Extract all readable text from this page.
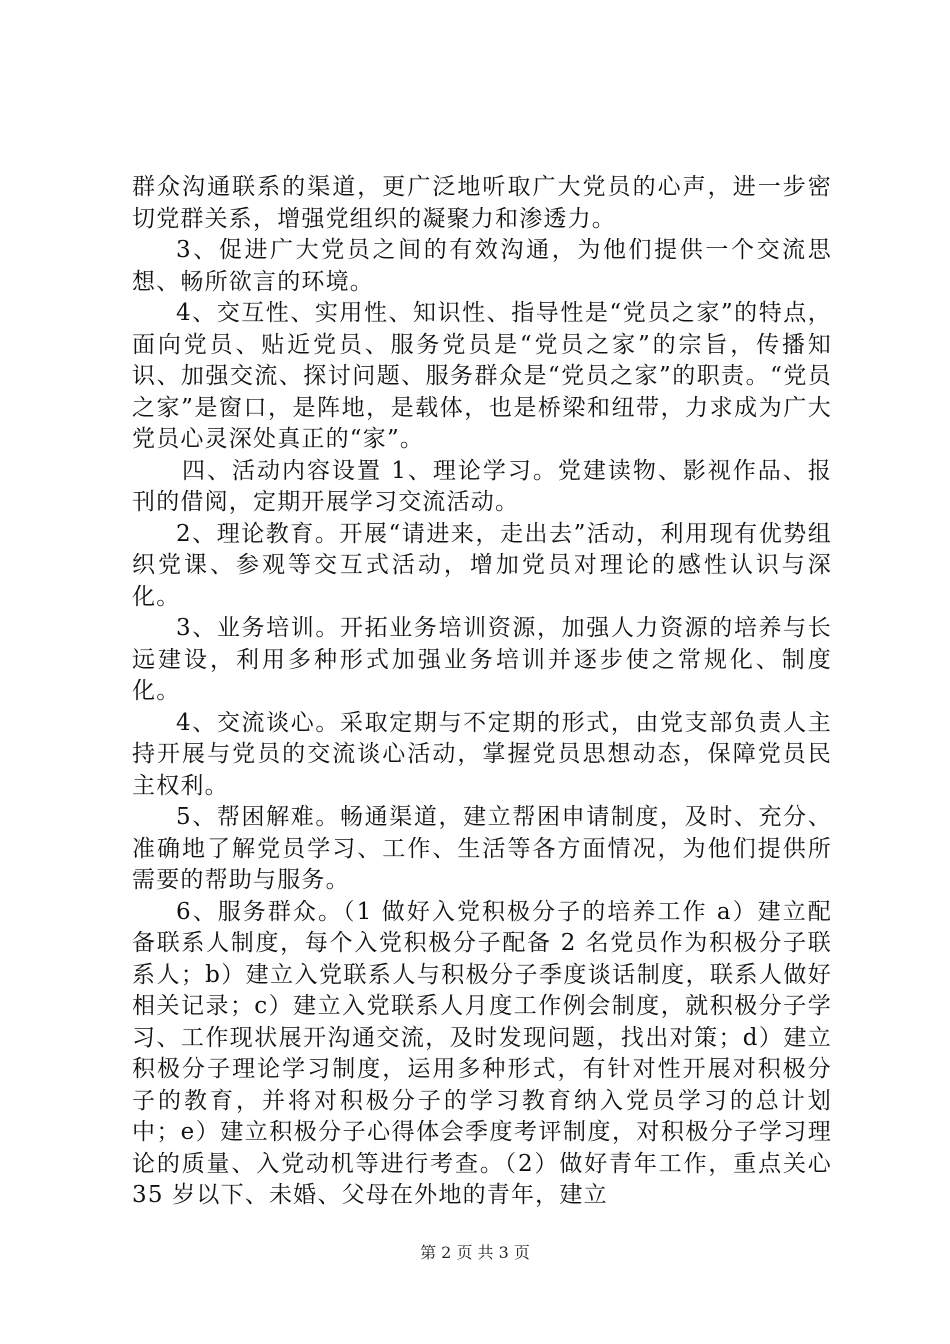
群众沟通联系的渠道，更广泛地听取广大党员的心声，进一步密切党群关系，增强党组织的凝聚力和渗透力。

3、促进广大党员之间的有效沟通，为他们提供一个交流思想、畅所欲言的环境。

4、交互性、实用性、知识性、指导性是“党员之家”的特点，面向党员、贴近党员、服务党员是“党员之家”的宗旨，传播知识、加强交流、探讨问题、服务群众是“党员之家”的职责。“党员之家”是窗口，是阵地，是载体，也是桥梁和纽带，力求成为广大党员心灵深处真正的“家”。

四、活动内容设置 1、理论学习。党建读物、影视作品、报刊的借阅，定期开展学习交流活动。

2、理论教育。开展“请进来，走出去”活动，利用现有优势组织党课、参观等交互式活动，增加党员对理论的感性认识与深化。

3、业务培训。开拓业务培训资源，加强人力资源的培养与长远建设，利用多种形式加强业务培训并逐步使之常规化、制度化。

4、交流谈心。采取定期与不定期的形式，由党支部负责人主持开展与党员的交流谈心活动，掌握党员思想动态，保障党员民主权利。

5、帮困解难。畅通渠道，建立帮困申请制度，及时、充分、准确地了解党员学习、工作、生活等各方面情况，为他们提供所需要的帮助与服务。

6、服务群众。（1 做好入党积极分子的培养工作 a）建立配备联系人制度，每个入党积极分子配备 2 名党员作为积极分子联系人；b）建立入党联系人与积极分子季度谈话制度，联系人做好相关记录；c）建立入党联系人月度工作例会制度，就积极分子学习、工作现状展开沟通交流，及时发现问题，找出对策；d）建立积极分子理论学习制度，运用多种形式，有针对性开展对积极分子的教育，并将对积极分子的学习教育纳入党员学习的总计划中；e）建立积极分子心得体会季度考评制度，对积极分子学习理论的质量、入党动机等进行考查。（2）做好青年工作，重点关心 35 岁以下、未婚、父母在外地的青年，建立

第 2 页 共 3 页
